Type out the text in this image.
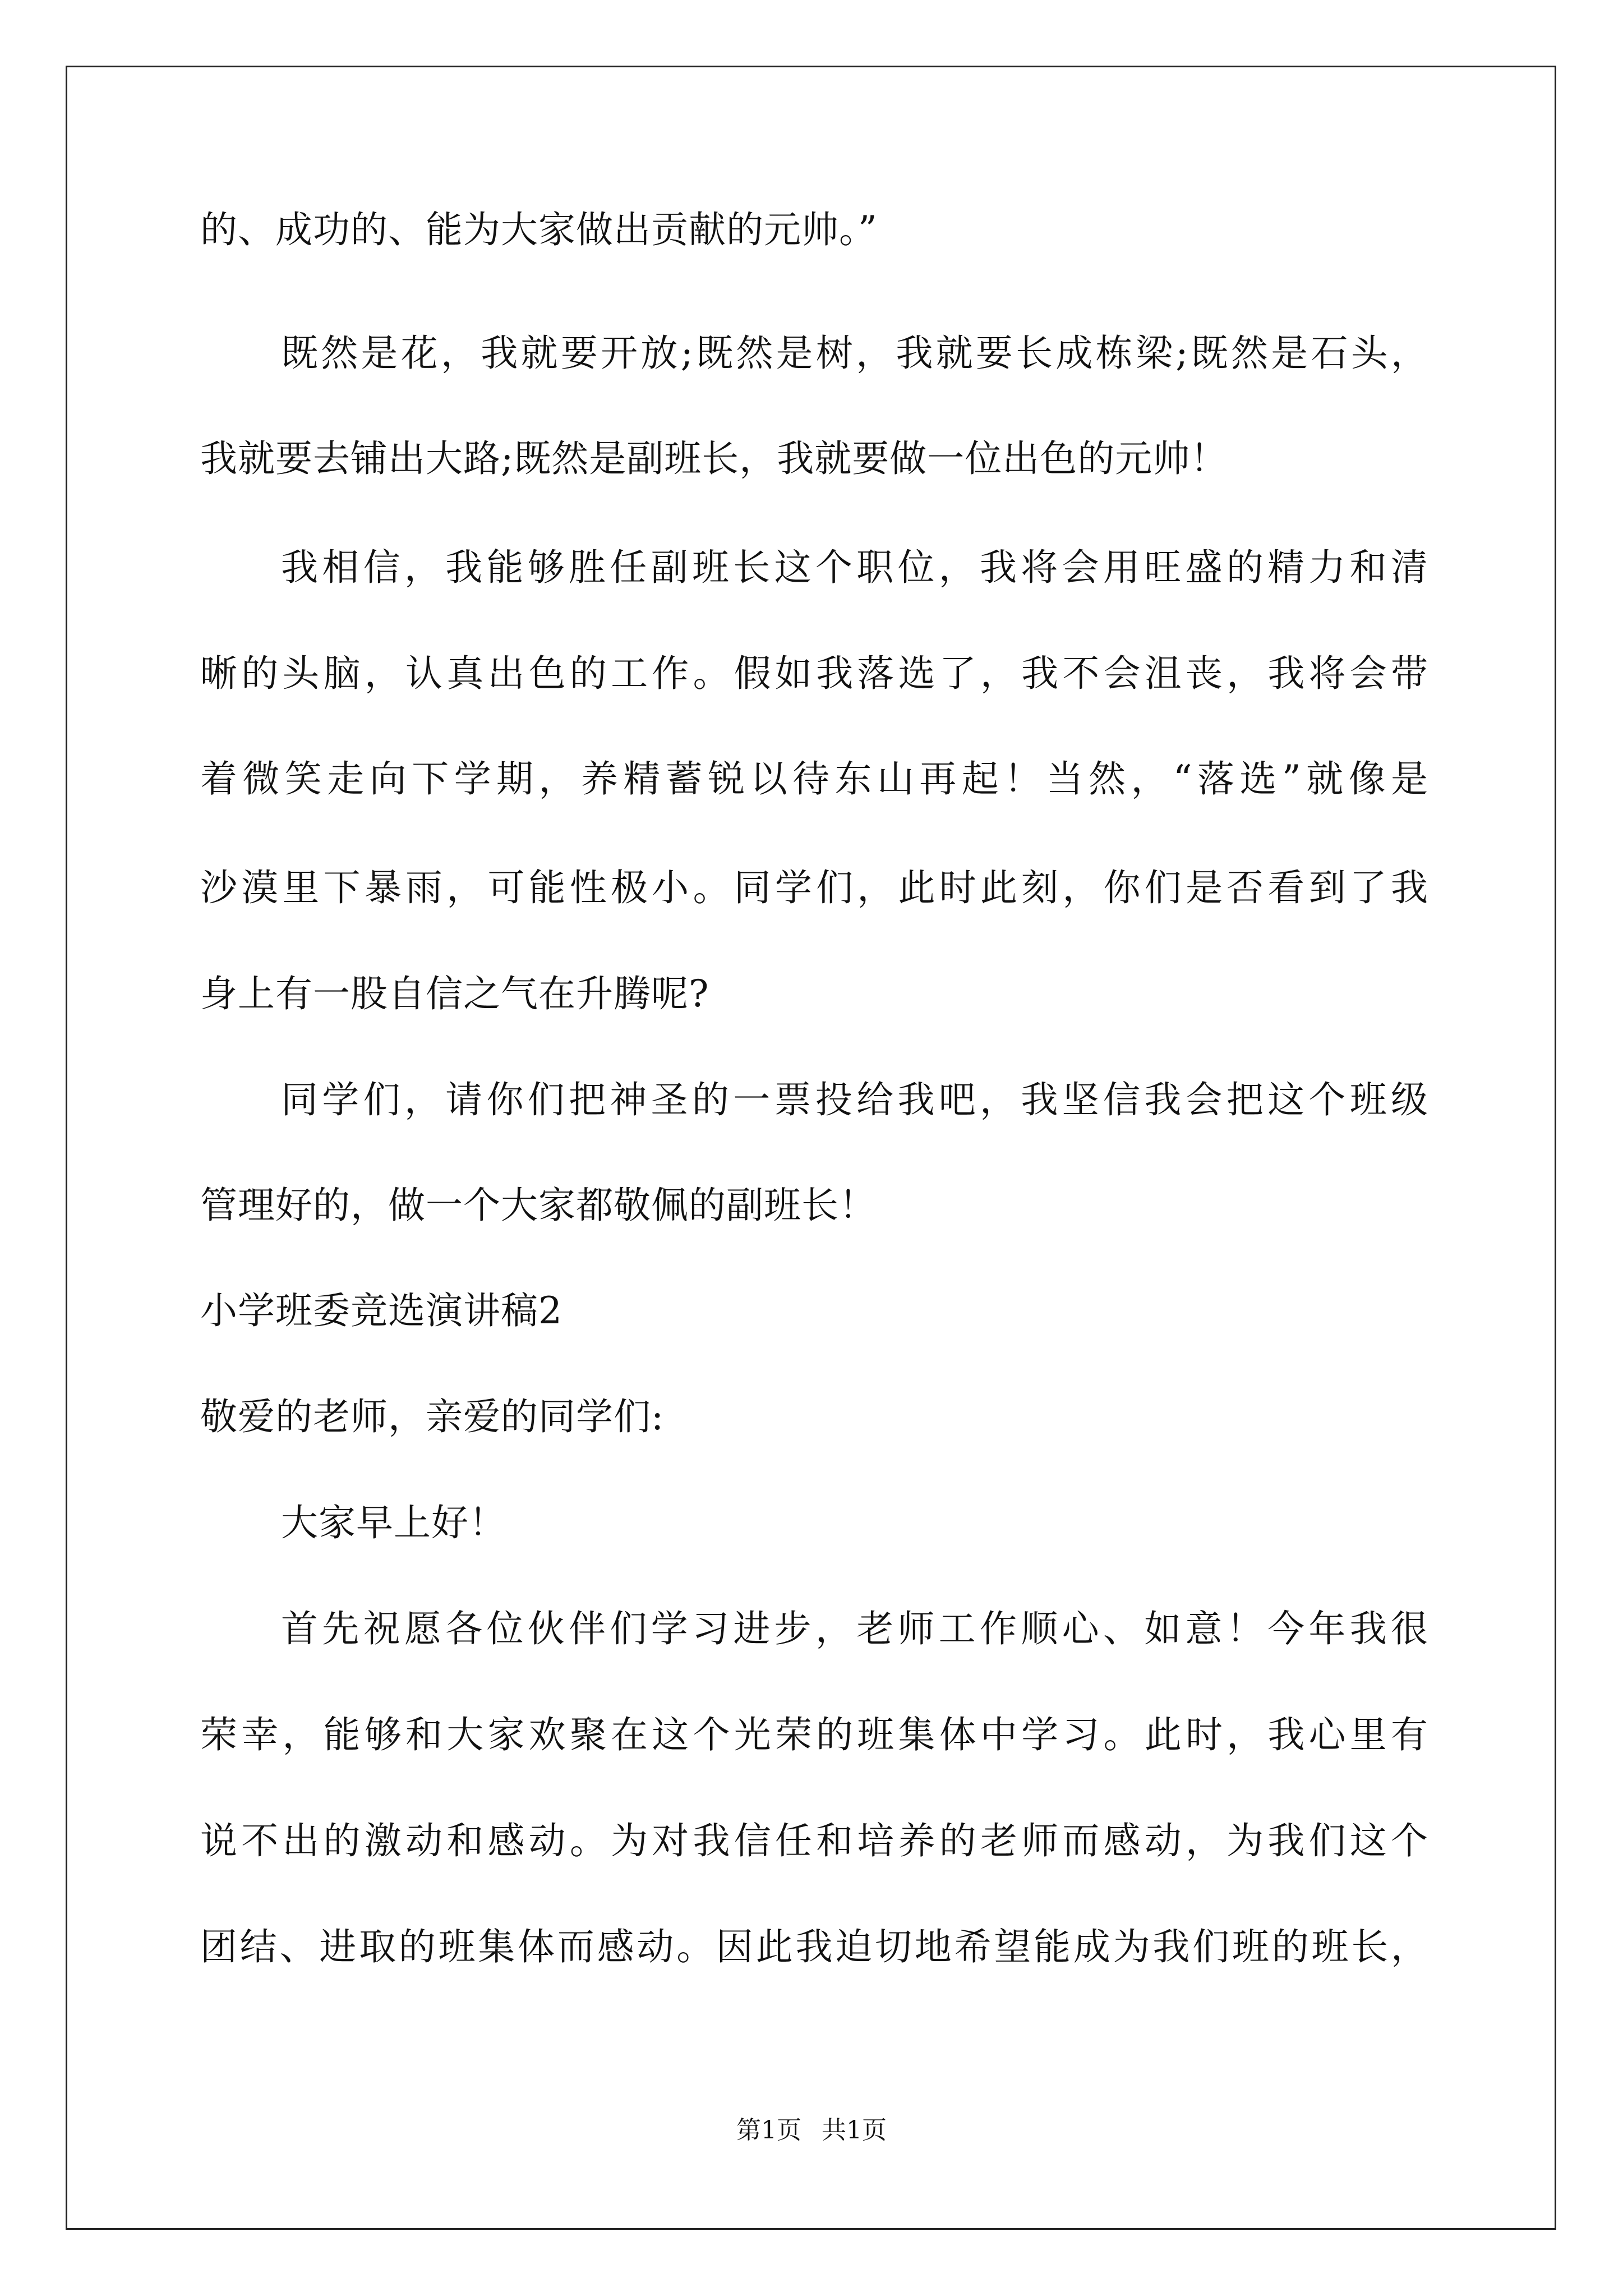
的、成功的、能为大家做出贡献的元帅。”
既然是花，我就要开放;既然是树，我就要长成栋梁;既然是石头，
我就要去铺出大路;既然是副班长，我就要做一位出色的元帅！
我相信，我能够胜任副班长这个职位，我将会用旺盛的精力和清
晰的头脑，认真出色的工作。假如我落选了，我不会沮丧，我将会带
着微笑走向下学期，养精蓄锐以待东山再起！当然，“落选”就像是
沙漠里下暴雨，可能性极小。同学们，此时此刻，你们是否看到了我
身上有一股自信之气在升腾呢?
同学们，请你们把神圣的一票投给我吧，我坚信我会把这个班级
管理好的，做一个大家都敬佩的副班长！
小学班委竞选演讲稿2
敬爱的老师，亲爱的同学们:
大家早上好！
首先祝愿各位伙伴们学习进步，老师工作顺心、如意！今年我很
荣幸，能够和大家欢聚在这个光荣的班集体中学习。此时，我心里有
说不出的激动和感动。为对我信任和培养的老师而感动，为我们这个
团结、进取的班集体而感动。因此我迫切地希望能成为我们班的班长，
第1页 共1页
